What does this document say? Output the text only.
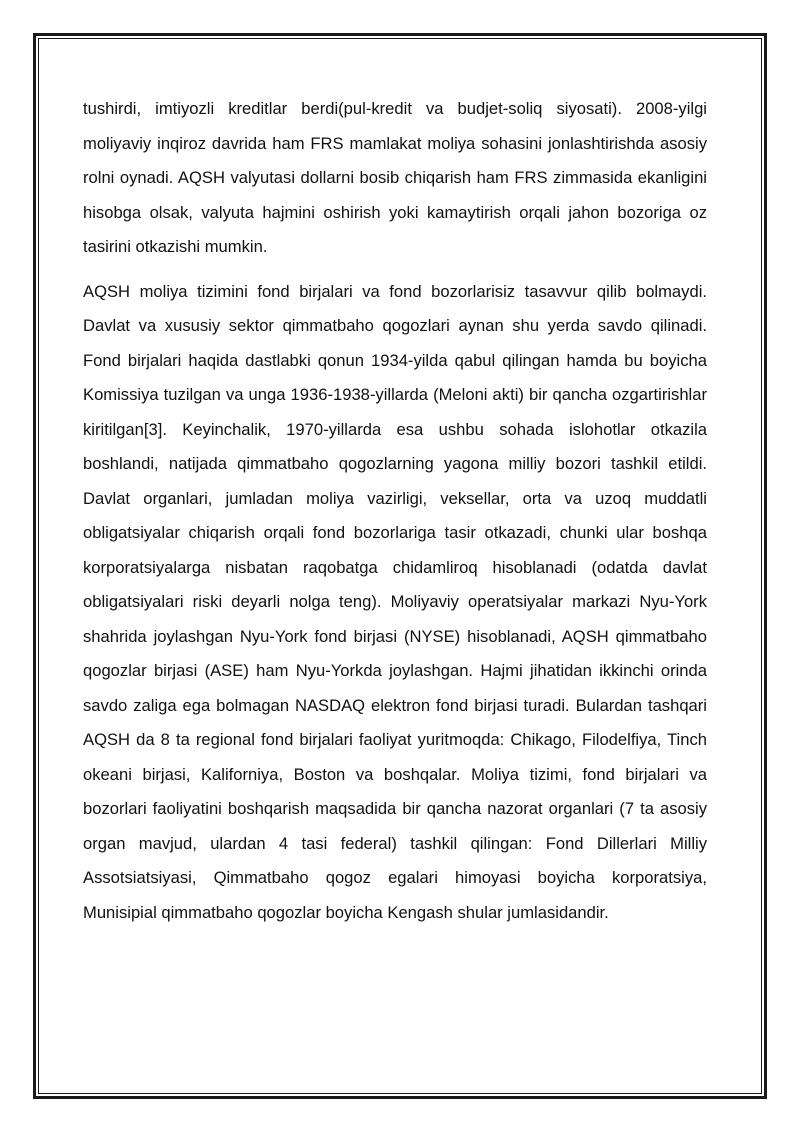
tushirdi, imtiyozli kreditlar berdi(pul-kredit va budjet-soliq siyosati). 2008-yilgi moliyaviy inqiroz davrida ham FRS mamlakat moliya sohasini jonlashtirishda asosiy rolni oynadi. AQSH valyutasi dollarni bosib chiqarish ham FRS zimmasida ekanligini hisobga olsak, valyuta hajmini oshirish yoki kamaytirish orqali jahon bozoriga oz tasirini otkazishi mumkin.

AQSH moliya tizimini fond birjalari va fond bozorlarisiz tasavvur qilib bolmaydi. Davlat va xususiy sektor qimmatbaho qogozlari aynan shu yerda savdo qilinadi. Fond birjalari haqida dastlabki qonun 1934-yilda qabul qilingan hamda bu boyicha Komissiya tuzilgan va unga 1936-1938-yillarda (Meloni akti) bir qancha ozgartirishlar kiritilgan[3]. Keyinchalik, 1970-yillarda esa ushbu sohada islohotlar otkazila boshlandi, natijada qimmatbaho qogozlarning yagona milliy bozori tashkil etildi. Davlat organlari, jumladan moliya vazirligi, veksellar, orta va uzoq muddatli obligatsiyalar chiqarish orqali fond bozorlariga tasir otkazadi, chunki ular boshqa korporatsiyalarga nisbatan raqobatga chidamliroq hisoblanadi (odatda davlat obligatsiyalari riski deyarli nolga teng). Moliyaviy operatsiyalar markazi Nyu-York shahrida joylashgan Nyu-York fond birjasi (NYSE) hisoblanadi, AQSH qimmatbaho qogozlar birjasi (ASE) ham Nyu-Yorkda joylashgan. Hajmi jihatidan ikkinchi orinda savdo zaliga ega bolmagan NASDAQ elektron fond birjasi turadi. Bulardan tashqari AQSH da 8 ta regional fond birjalari faoliyat yuritmoqda: Chikago, Filodelfiya, Tinch okeani birjasi, Kaliforniya, Boston va boshqalar. Moliya tizimi, fond birjalari va bozorlari faoliyatini boshqarish maqsadida bir qancha nazorat organlari (7 ta asosiy organ mavjud, ulardan 4 tasi federal) tashkil qilingan: Fond Dillerlari Milliy Assotsiatsiyasi, Qimmatbaho qogoz egalari himoyasi boyicha korporatsiya, Munisipial qimmatbaho qogozlar boyicha Kengash shular jumlasidandir.
